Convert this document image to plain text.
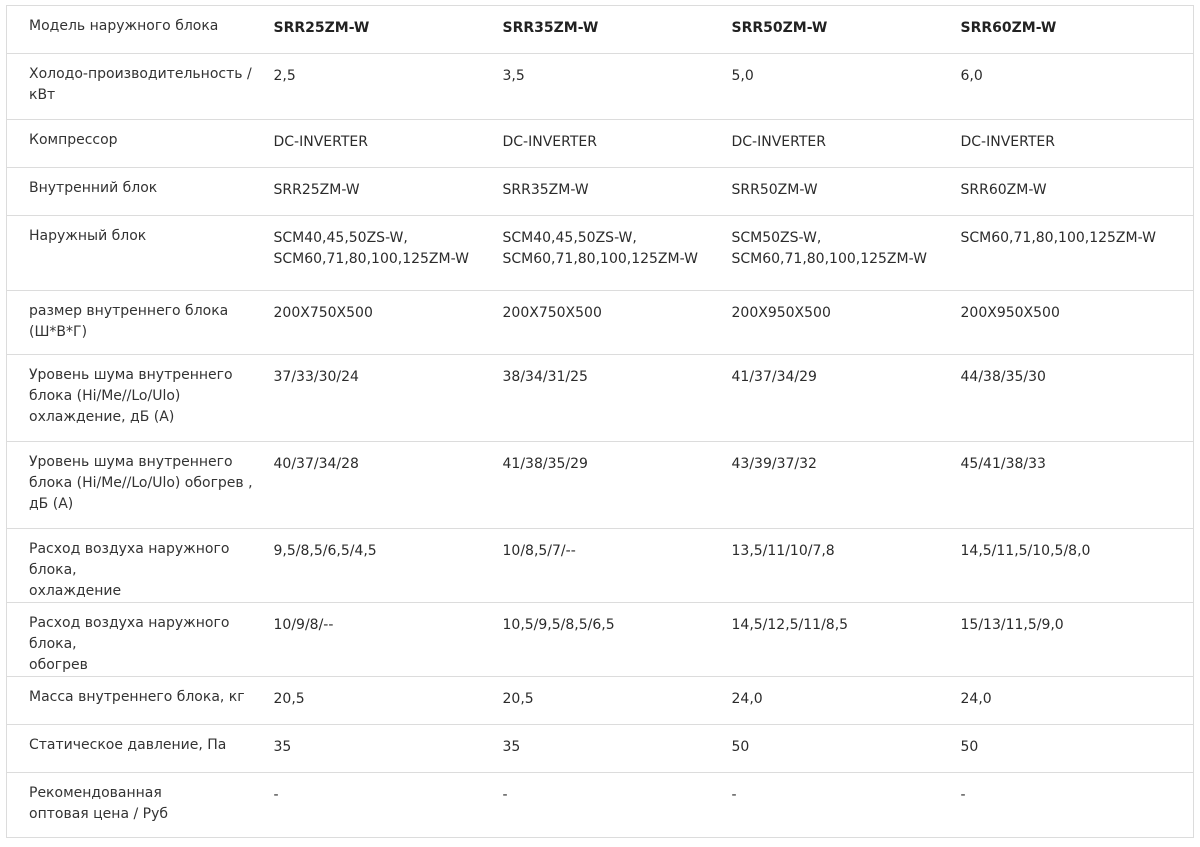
Модель наружного блока	SRR25ZM-W	SRR35ZM-W	SRR50ZM-W	SRR60ZM-W

Холодо-производительность /
кВт	2,5	3,5	5,0	6,0

Компрессор	DC-INVERTER	DC-INVERTER	DC-INVERTER	DC-INVERTER

Внутренний блок	SRR25ZM-W	SRR35ZM-W	SRR50ZM-W	SRR60ZM-W

Наружный блок	SCM40,45,50ZS-W,
SCM60,71,80,100,125ZM-W	SCM40,45,50ZS-W,
SCM60,71,80,100,125ZM-W	SCM50ZS-W,
SCM60,71,80,100,125ZM-W	SCM60,71,80,100,125ZM-W

размер внутреннего блока
(Ш*В*Г)	200X750X500	200X750X500	200X950X500	200X950X500

Уровень шума внутреннего
блока (Hi/Me//Lo/Ulo)
охлаждение, дБ (А)	37/33/30/24	38/34/31/25	41/37/34/29	44/38/35/30

Уровень шума внутреннего
блока (Hi/Me//Lo/Ulo) обогрев ,
дБ (А)	40/37/34/28	41/38/35/29	43/39/37/32	45/41/38/33

Расход воздуха наружного блока,
охлаждение	9,5/8,5/6,5/4,5	10/8,5/7/--	13,5/11/10/7,8	14,5/11,5/10,5/8,0

Расход воздуха наружного блока,
обогрев	10/9/8/--	10,5/9,5/8,5/6,5	14,5/12,5/11/8,5	15/13/11,5/9,0

Масса внутреннего блока, кг	20,5	20,5	24,0	24,0

Статическое давление, Па	35	35	50	50

Рекомендованная
оптовая цена / Руб	-	-	-	-
